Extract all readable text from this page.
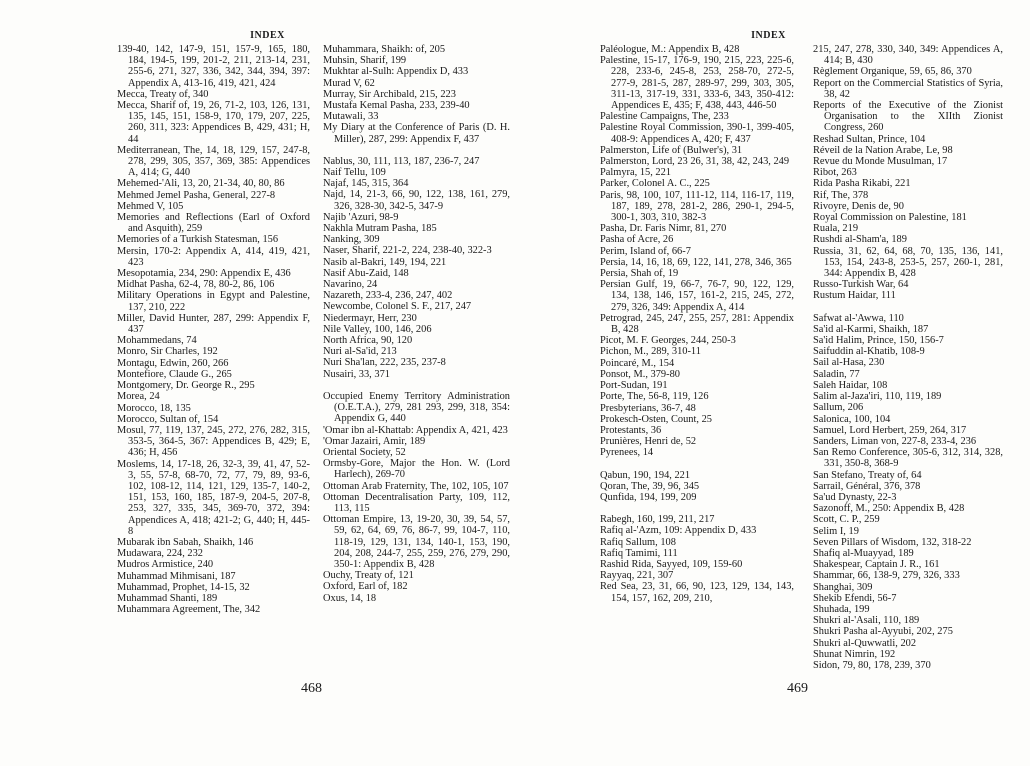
INDEX
139-40, 142, 147-9, 151, 157-9, 165, 180, 184, 194-5, 199, 201-2, 211, 213-14, 231, 255-6, 271, 327, 336, 342, 344, 394, 397: Appendix A, 413-16, 419, 421, 424
Mecca, Treaty of, 340
Mecca, Sharif of, 19, 26, 71-2, 103, 126, 131, 135, 145, 151, 158-9, 170, 179, 207, 225, 260, 311, 323: Appendices B, 429, 431; H, 44
Mediterranean, The, 14, 18, 129, 157, 247-8, 278, 299, 305, 357, 369, 385: Appendices A, 414; G, 440
Mehemed-'Ali, 13, 20, 21-34, 40, 80, 86
Mehmed Jemel Pasha, General, 227-8
Mehmed V, 105
Memories and Reflections (Earl of Oxford and Asquith), 259
Memories of a Turkish Statesman, 156
Mersin, 170-2: Appendix A, 414, 419, 421, 423
Mesopotamia, 234, 290: Appendix E, 436
Midhat Pasha, 62-4, 78, 80-2, 86, 106
Military Operations in Egypt and Palestine, 137, 210, 222
Miller, David Hunter, 287, 299: Appendix F, 437
Mohammedans, 74
Monro, Sir Charles, 192
Montagu, Edwin, 260, 266
Montefiore, Claude G., 265
Montgomery, Dr. George R., 295
Morea, 24
Morocco, 18, 135
Morocco, Sultan of, 154
Mosul, 77, 119, 137, 245, 272, 276, 282, 315, 353-5, 364-5, 367: Appendices B, 429; E, 436; H, 456
Moslems, 14, 17-18, 26, 32-3, 39, 41, 47, 52-3, 55, 57-8, 68-70, 72, 77, 79, 89, 93-6, 102, 108-12, 114, 121, 129, 135-7, 140-2, 151, 153, 160, 185, 187-9, 204-5, 207-8, 253, 327, 335, 345, 369-70, 372, 394: Appendices A, 418; 421-2; G, 440; H, 445-8
Mubarak ibn Sabah, Shaikh, 146
Mudawara, 224, 232
Mudros Armistice, 240
Muhammad Mihmisani, 187
Muhammad, Prophet, 14-15, 32
Muhammad Shanti, 189
Muhammara Agreement, The, 342
Muhammara, Shaikh: of, 205
Muhsin, Sharif, 199
Mukhtar al-Sulh: Appendix D, 433
Murad V, 62
Murray, Sir Archibald, 215, 223
Mustafa Kemal Pasha, 233, 239-40
Mutawali, 33
My Diary at the Conference of Paris (D. H. Miller), 287, 299: Appendix F, 437
Nablus, 30, 111, 113, 187, 236-7, 247
Naif Tellu, 109
Najaf, 145, 315, 364
Najd, 14, 21-3, 66, 90, 122, 138, 161, 279, 326, 328-30, 342-5, 347-9
Najib 'Azuri, 98-9
Nakhla Mutram Pasha, 185
Nanking, 309
Naser, Sharif, 221-2, 224, 238-40, 322-3
Nasib al-Bakri, 149, 194, 221
Nasif Abu-Zaid, 148
Navarino, 24
Nazareth, 233-4, 236, 247, 402
Newcombe, Colonel S. F., 217, 247
Niedermayr, Herr, 230
Nile Valley, 100, 146, 206
North Africa, 90, 120
Nuri al-Sa'id, 213
Nuri Sha'lan, 222, 235, 237-8
Nusairi, 33, 371
Occupied Enemy Territory Administration (O.E.T.A.), 279, 281 293, 299, 318, 354: Appendix G, 440
'Omar ibn al-Khattab: Appendix A, 421, 423
'Omar Jazairi, Amir, 189
Oriental Society, 52
Ormsby-Gore, Major the Hon. W. (Lord Harlech), 269-70
Ottoman Arab Fraternity, The, 102, 105, 107
Ottoman Decentralisation Party, 109, 112, 113, 115
Ottoman Empire, 13, 19-20, 30, 39, 54, 57, 59, 62, 64, 69, 76, 86-7, 99, 104-7, 110, 118-19, 129, 131, 134, 140-1, 153, 190, 204, 208, 244-7, 255, 259, 276, 279, 290, 350-1: Appendix B, 428
Ouchy, Treaty of, 121
Oxford, Earl of, 182
Oxus, 14, 18
468
INDEX
Paléologue, M.: Appendix B, 428
Palestine, 15-17, 176-9, 190, 215, 223, 225-6, 228, 233-6, 245-8, 253, 258-70, 272-5, 277-9, 281-5, 287, 289-97, 299, 303, 305, 311-13, 317-19, 331, 333-6, 343, 350-412: Appendices E, 435; F, 438, 443, 446-50
Palestine Campaigns, The, 233
Palestine Royal Commission, 390-1, 399-405, 408-9: Appendices A, 420; F, 437
Palmerston, Life of (Bulwer's), 31
Palmerston, Lord, 23 26, 31, 38, 42, 243, 249
Palmyra, 15, 221
Parker, Colonel A. C., 225
Paris, 98, 100, 107, 111-12, 114, 116-17, 119, 187, 189, 278, 281-2, 286, 290-1, 294-5, 300-1, 303, 310, 382-3
Pasha, Dr. Faris Nimr, 81, 270
Pasha of Acre, 26
Perim, Island of, 66-7
Persia, 14, 16, 18, 69, 122, 141, 278, 346, 365
Persia, Shah of, 19
Persian Gulf, 19, 66-7, 76-7, 90, 122, 129, 134, 138, 146, 157, 161-2, 215, 245, 272, 279, 326, 349: Appendix A, 414
Petrograd, 245, 247, 255, 257, 281: Appendix B, 428
Picot, M. F. Georges, 244, 250-3
Pichon, M., 289, 310-11
Poincaré, M., 154
Ponsot, M., 379-80
Port-Sudan, 191
Porte, The, 56-8, 119, 126
Presbyterians, 36-7, 48
Prokesch-Osten, Count, 25
Protestants, 36
Prunières, Henri de, 52
Pyrenees, 14
Qabun, 190, 194, 221
Qoran, The, 39, 96, 345
Qunfida, 194, 199, 209
Rabegh, 160, 199, 211, 217
Rafiq al-'Azm, 109: Appendix D, 433
Rafiq Sallum, 108
Rafiq Tamimi, 111
Rashid Rida, Sayyed, 109, 159-60
Rayyaq, 221, 307
Red Sea, 23, 31, 66, 90, 123, 129, 134, 143, 154, 157, 162, 209, 210,
215, 247, 278, 330, 340, 349: Appendices A, 414; B, 430
Règlement Organique, 59, 65, 86, 370
Report on the Commercial Statistics of Syria, 38, 42
Reports of the Executive of the Zionist Organisation to the XIIth Zionist Congress, 260
Reshad Sultan, Prince, 104
Réveil de la Nation Arabe, Le, 98
Revue du Monde Musulman, 17
Ribot, 263
Rida Pasha Rikabi, 221
Rif, The, 378
Rivoyre, Denis de, 90
Royal Commission on Palestine, 181
Ruala, 219
Rushdi al-Sham'a, 189
Russia, 31, 62, 64, 68, 70, 135, 136, 141, 153, 154, 243-8, 253-5, 257, 260-1, 281, 344: Appendix B, 428
Russo-Turkish War, 64
Rustum Haidar, 111
Safwat al-'Awwa, 110
Sa'id al-Karmi, Shaikh, 187
Sa'id Halim, Prince, 150, 156-7
Saifuddin al-Khatib, 108-9
Sail al-Hasa, 230
Saladin, 77
Saleh Haidar, 108
Salim al-Jaza'iri, 110, 119, 189
Sallum, 206
Salonica, 100, 104
Samuel, Lord Herbert, 259, 264, 317
Sanders, Liman von, 227-8, 233-4, 236
San Remo Conference, 305-6, 312, 314, 328, 331, 350-8, 368-9
San Stefano, Treaty of, 64
Sarrail, Général, 376, 378
Sa'ud Dynasty, 22-3
Sazonoff, M., 250: Appendix B, 428
Scott, C. P., 259
Selim I, 19
Seven Pillars of Wisdom, 132, 318-22
Shafiq al-Muayyad, 189
Shakespear, Captain J. R., 161
Shammar, 66, 138-9, 279, 326, 333
Shanghai, 309
Shekib Efendi, 56-7
Shuhada, 199
Shukri al-'Asali, 110, 189
Shukri Pasha al-Ayyubi, 202, 275
Shukri al-Quwwatli, 202
Shunat Nimrin, 192
Sidon, 79, 80, 178, 239, 370
469
